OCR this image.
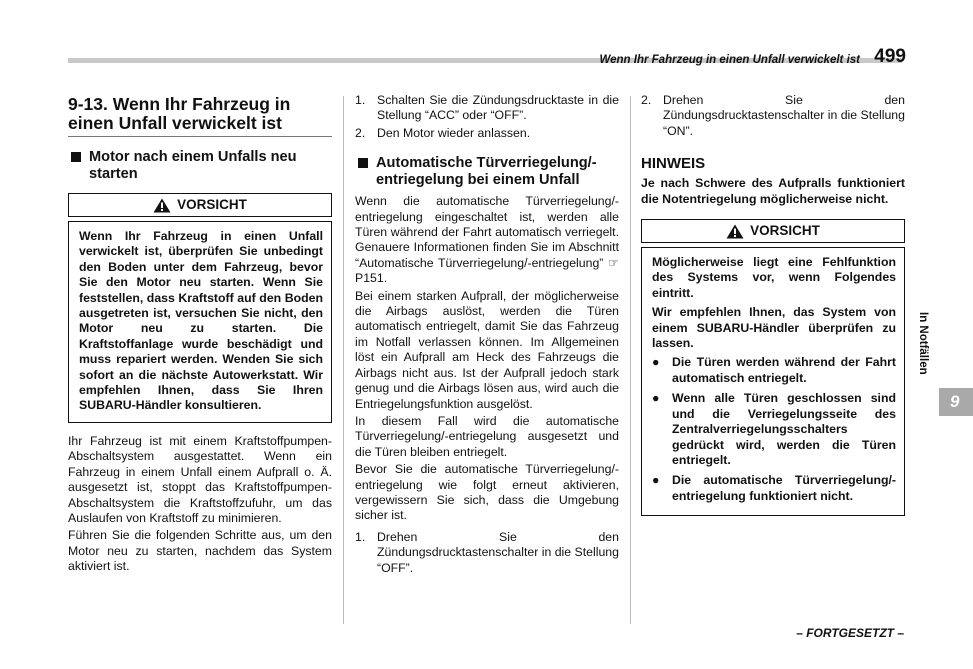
Wenn Ihr Fahrzeug in einen Unfall verwickelt ist 499
9-13. Wenn Ihr Fahrzeug in einen Unfall verwickelt ist
Motor nach einem Unfalls neu starten
VORSICHT

Wenn Ihr Fahrzeug in einen Unfall verwickelt ist, überprüfen Sie unbedingt den Boden unter dem Fahrzeug, bevor Sie den Motor neu starten. Wenn Sie feststellen, dass Kraftstoff auf den Boden ausgetreten ist, versuchen Sie nicht, den Motor neu zu starten. Die Kraftstoffanlage wurde beschädigt und muss repariert werden. Wenden Sie sich sofort an die nächste Autowerkstatt. Wir empfehlen Ihnen, dass Sie Ihren SUBARU-Händler konsultieren.

Ihr Fahrzeug ist mit einem Kraftstoffpumpen-Abschaltsystem ausgestattet. Wenn ein Fahrzeug in einem Unfall einem Aufprall o. Ä. ausgesetzt ist, stoppt das Kraftstoffpumpen-Abschaltsystem die Kraftstoffzufuhr, um das Auslaufen von Kraftstoff zu minimieren.

Führen Sie die folgenden Schritte aus, um den Motor neu zu starten, nachdem das System aktiviert ist.

1. Schalten Sie die Zündungsdrucktaste in die Stellung “ACC” oder “OFF”.
2. Den Motor wieder anlassen.
Automatische Türverriegelung/-entriegelung bei einem Unfall

Wenn die automatische Türverriegelung/-entriegelung eingeschaltet ist, werden alle Türen während der Fahrt automatisch verriegelt. Genauere Informationen finden Sie im Abschnitt “Automatische Türverriegelung/-entriegelung” ☞P151.

Bei einem starken Aufprall, der möglicherweise die Airbags auslöst, werden die Türen automatisch entriegelt, damit Sie das Fahrzeug im Notfall verlassen können. Im Allgemeinen löst ein Aufprall am Heck des Fahrzeugs die Airbags nicht aus. Ist der Aufprall jedoch stark genug und die Airbags lösen aus, wird auch die Entriegelungsfunktion ausgelöst.

In diesem Fall wird die automatische Türverriegelung/-entriegelung ausgesetzt und die Türen bleiben entriegelt.

Bevor Sie die automatische Türverriegelung/-entriegelung wie folgt erneut aktivieren, vergewissern Sie sich, dass die Umgebung sicher ist.

1. Drehen Sie den Zündungsdrucktastenschalter in die Stellung “OFF”.
2. Drehen Sie den Zündungsdrucktastenschalter in die Stellung “ON”.
HINWEIS

Je nach Schwere des Aufpralls funktioniert die Notentriegelung möglicherweise nicht.

VORSICHT

Möglicherweise liegt eine Fehlfunktion des Systems vor, wenn Folgendes eintritt.

Wir empfehlen Ihnen, das System von einem SUBARU-Händler überprüfen zu lassen.

●	Die Türen werden während der Fahrt automatisch entriegelt.
●	Wenn alle Türen geschlossen sind und die Verriegelungsseite des Zentralverriegelungsschalters gedrückt wird, werden die Türen entriegelt.
●	Die automatische Türverriegelung/-entriegelung funktioniert nicht.
In Notfällen
9
– FORTGESETZT –
